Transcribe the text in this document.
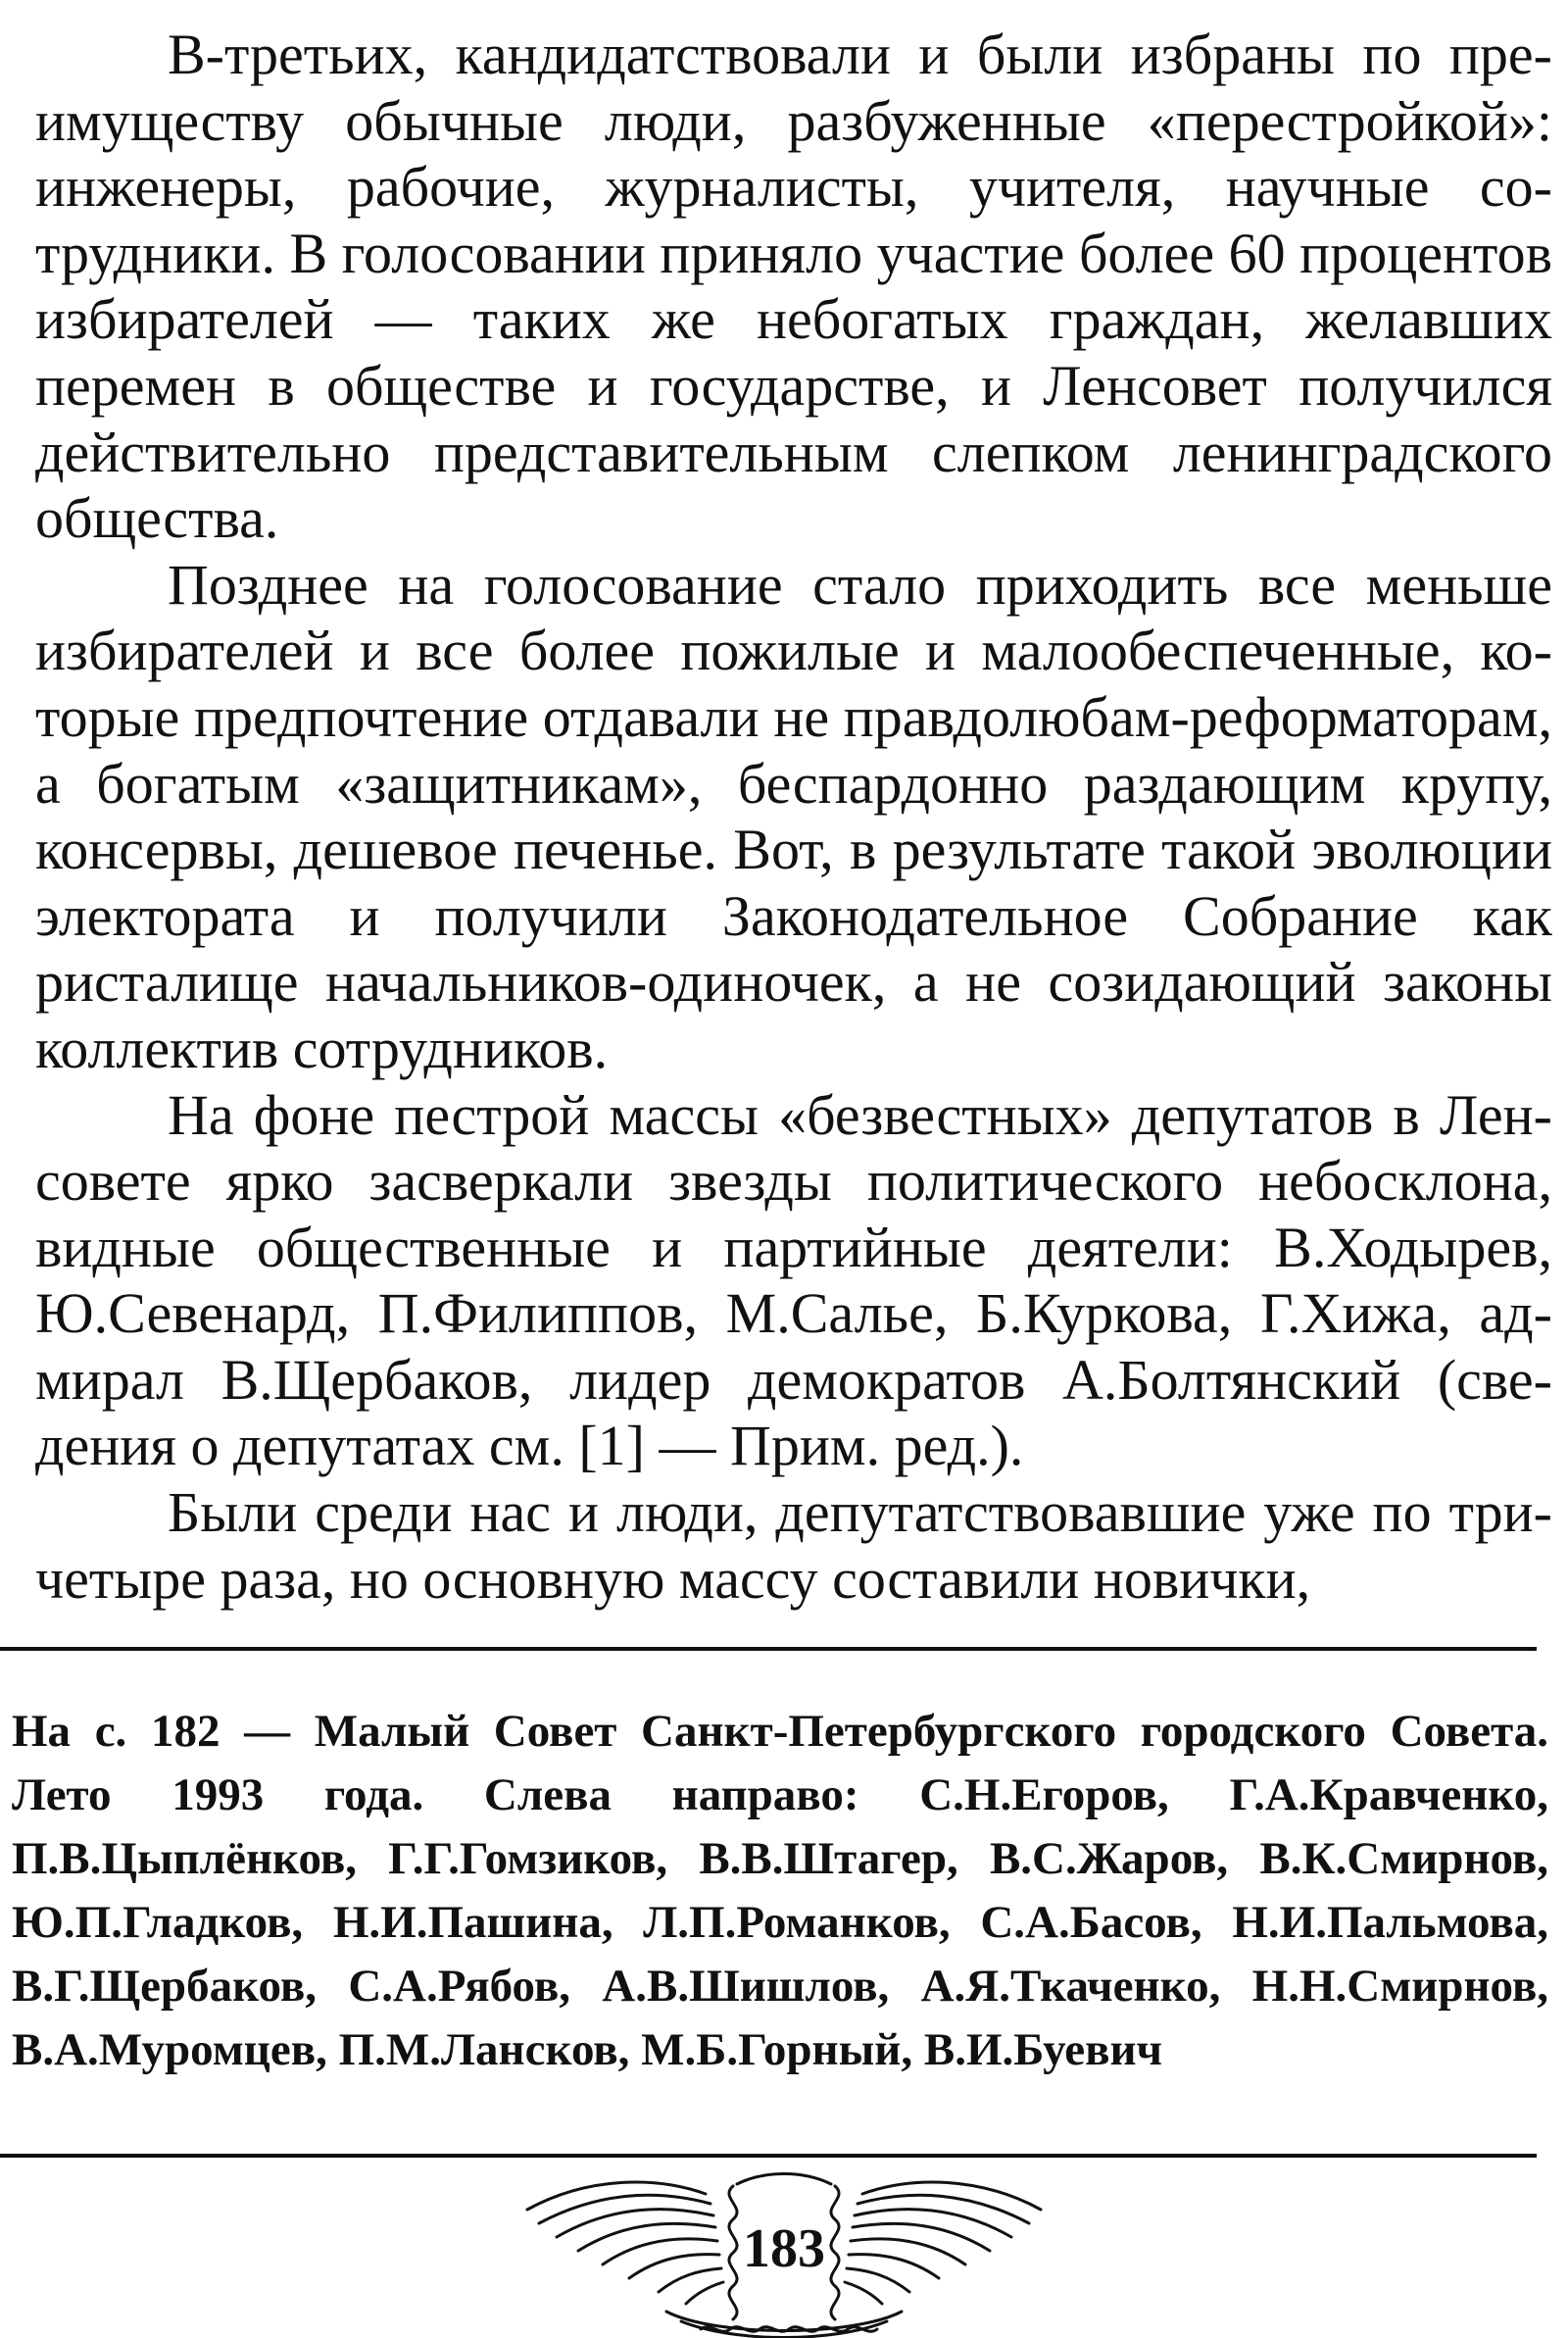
В-третьих, кандидатствовали и были избраны по преимуществу обычные люди, разбуженные «перестройкой»: инженеры, рабочие, журналисты, учителя, научные сотрудники. В голосовании приняло участие более 60 процентов избирателей — таких же небогатых граждан, желавших перемен в обществе и государстве, и Ленсовет получился действительно представительным слепком ленинградского общества.

Позднее на голосование стало приходить все меньше избирателей и все более пожилые и малообеспеченные, которые предпочтение отдавали не правдолюбам-реформаторам, а богатым «защитникам», беспардонно раздающим крупу, консервы, дешевое печенье. Вот, в результате такой эволюции электората и получили Законодательное Собрание как ристалище начальников-одиночек, а не созидающий законы коллектив сотрудников.

На фоне пестрой массы «безвестных» депутатов в Ленсовете ярко засверкали звезды политического небосклона, видные общественные и партийные деятели: В.Ходырев, Ю.Севенард, П.Филиппов, М.Салье, Б.Куркова, Г.Хижа, адмирал В.Щербаков, лидер демократов А.Болтянский (сведения о депутатах см. [1] — Прим. ред.).

Были среди нас и люди, депутатствовавшие уже по три-четыре раза, но основную массу составили новички,

На с. 182 — Малый Совет Санкт-Петербургского городского Совета. Лето 1993 года. Слева направо: С.Н.Егоров, Г.А.Кравченко, П.В.Цыплёнков, Г.Г.Гомзиков, В.В.Штагер, В.С.Жаров, В.К.Смирнов, Ю.П.Гладков, Н.И.Пашина, Л.П.Романков, С.А.Басов, Н.И.Пальмова, В.Г.Щербаков, С.А.Рябов, А.В.Шишлов, А.Я.Ткаченко, Н.Н.Смирнов, В.А.Муромцев, П.М.Лансков, М.Б.Горный, В.И.Буевич

183
